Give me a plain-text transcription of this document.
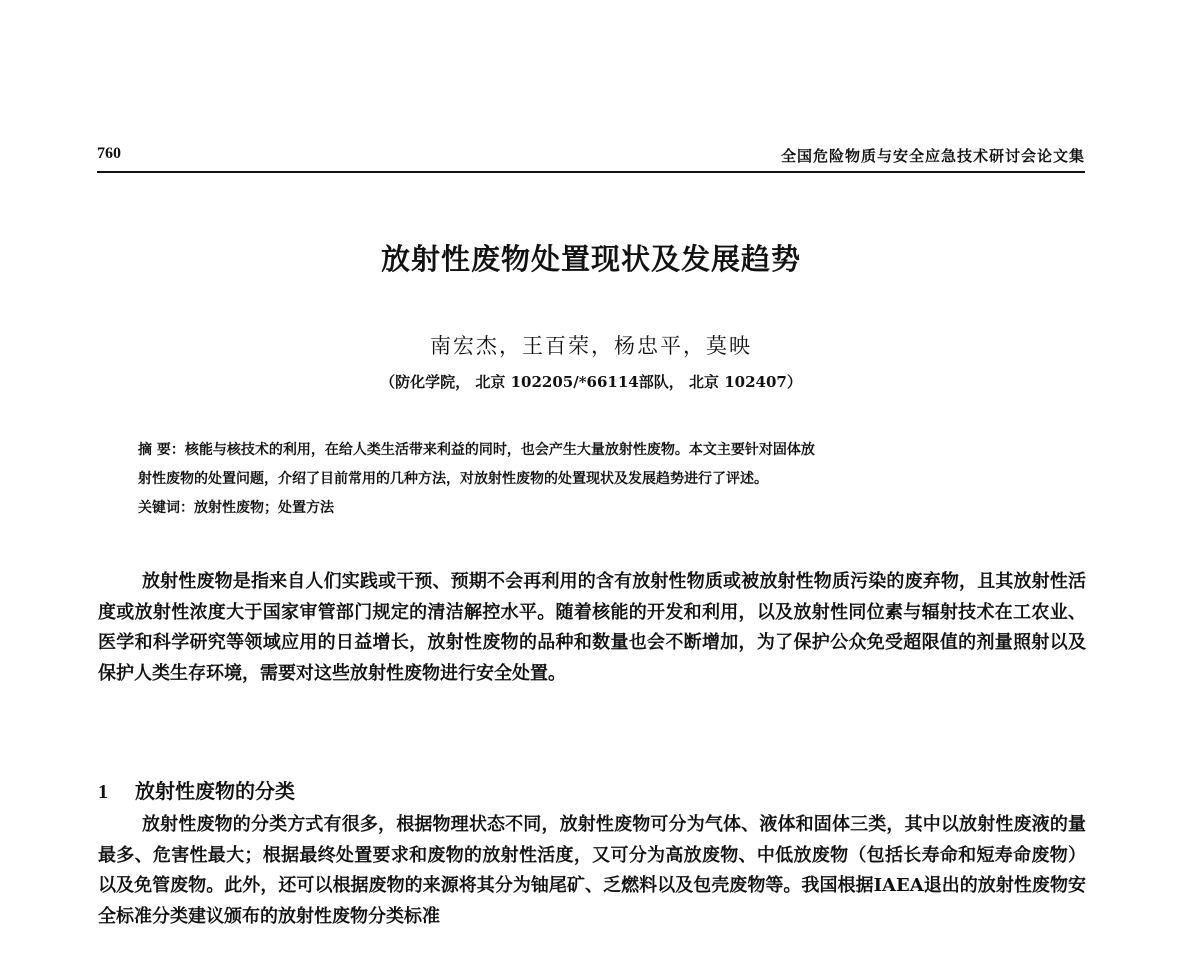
760	全国危险物质与安全应急技术研讨会论文集
放射性废物处置现状及发展趋势
南宏杰，王百荣，杨忠平，莫映
（防化学院， 北京 102205/*66114部队， 北京 102407）
摘 要：核能与核技术的利用，在给人类生活带来利益的同时，也会产生大量放射性废物。本文主要针对固体放
射性废物的处置问题，介绍了目前常用的几种方法，对放射性废物的处置现状及发展趋势进行了评述。
关键词：放射性废物；处置方法
放射性废物是指来自人们实践或干预、预期不会再利用的含有放射性物质或被放射性物质污染的废弃物，且其放射性活度或放射性浓度大于国家审管部门规定的清洁解控水平。随着核能的开发和利用，以及放射性同位素与辐射技术在工农业、医学和科学研究等领域应用的日益增长，放射性废物的品种和数量也会不断增加，为了保护公众免受超限值的剂量照射以及保护人类生存环境，需要对这些放射性废物进行安全处置。
1 放射性废物的分类
放射性废物的分类方式有很多，根据物理状态不同，放射性废物可分为气体、液体和固体三类，其中以放射性废液的量最多、危害性最大；根据最终处置要求和废物的放射性活度，又可分为高放废物、中低放废物（包括长寿命和短寿命废物）以及免管废物。此外，还可以根据废物的来源将其分为铀尾矿、乏燃料以及包壳废物等。我国根据IAEA退出的放射性废物安全标准分类建议颁布的放射性废物分类标准
